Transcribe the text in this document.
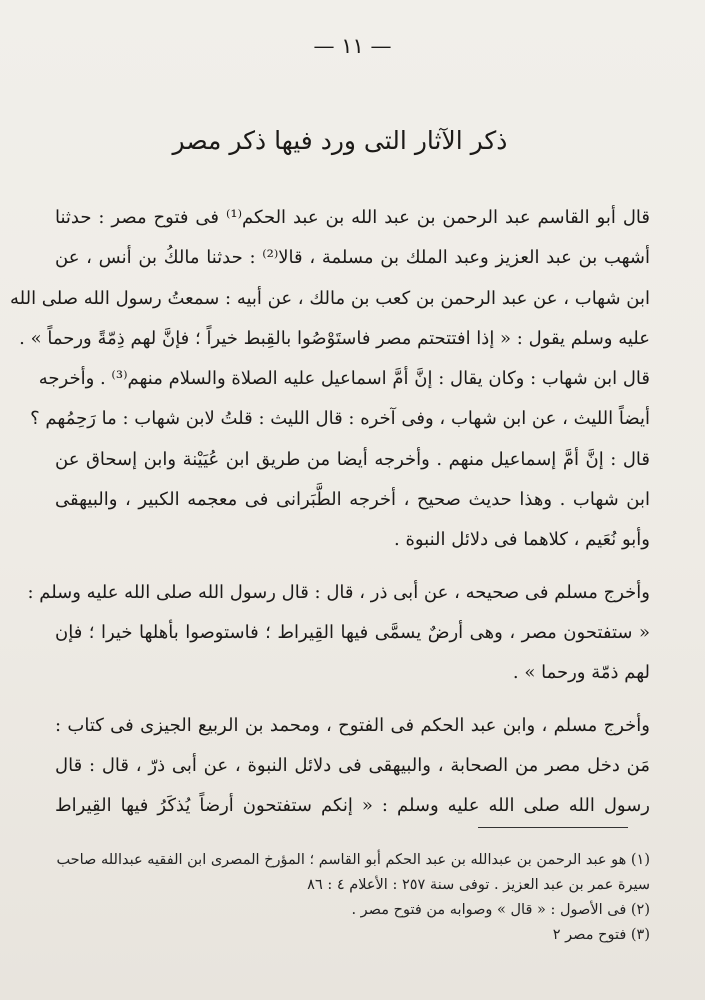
— ١١ —
ذكر الآثار التى ورد فيها ذكر مصر
قال أبو القاسم عبد الرحمن بن عبد الله بن عبد الحكم⁽¹⁾ فى فتوح مصر : حدثنا
أشهب بن عبد العزيز وعبد الملك بن مسلمة ، قالا⁽²⁾ : حدثنا مالكُ بن أنس ، عن
ابن شهاب ، عن عبد الرحمن بن كعب بن مالك ، عن أبيه : سمعتُ رسول الله صلى الله
عليه وسلم يقول : « إذا افتتحتم مصر فاستَوْصُوا بالقِبط خيراً ؛ فإنَّ لهم ذِمّةً ورحماً » .
قال ابن شهاب : وكان يقال : إنَّ أمَّ اسماعيل عليه الصلاة والسلام منهم⁽³⁾ . وأخرجه
أيضاً الليث ، عن ابن شهاب ، وفى آخره : قال الليث : قلتُ لابن شهاب : ما رَحِمُهم ؟
قال : إنَّ أمَّ إسماعيل منهم . وأخرجه أيضا من طريق ابن عُيَيْنة وابن إسحاق عن
ابن شهاب . وهذا حديث صحيح ، أخرجه الطَّبَرانى فى معجمه الكبير ، والبيهقى
وأبو نُعَيم ، كلاهما فى دلائل النبوة .
وأخرج مسلم فى صحيحه ، عن أبى ذر ، قال : قال رسول الله صلى الله عليه وسلم :
« ستفتحون مصر ، وهى أرضٌ يسمَّى فيها القِيراط ؛ فاستوصوا بأهلها خيرا ؛ فإن
لهم ذمّة ورحما » .
وأخرج مسلم ، وابن عبد الحكم فى الفتوح ، ومحمد بن الربيع الجيزى فى كتاب :
مَن دخل مصر من الصحابة ، والبيهقى فى دلائل النبوة ، عن أبى ذرّ ، قال : قال
رسول الله صلى الله عليه وسلم : « إنكم ستفتحون أرضاً يُذكَرُ فيها القِيراط
(١) هو عبد الرحمن بن عبدالله بن عبد الحكم أبو القاسم ؛ المؤرخ المصرى ابن الفقيه عبدالله صاحب
سيرة عمر بن عبد العزيز . توفى سنة ٢٥٧ : الأعلام ٤ : ٨٦
(٢) فى الأصول : « قال » وصوابه من فتوح مصر .
(٣) فتوح مصر ٢
